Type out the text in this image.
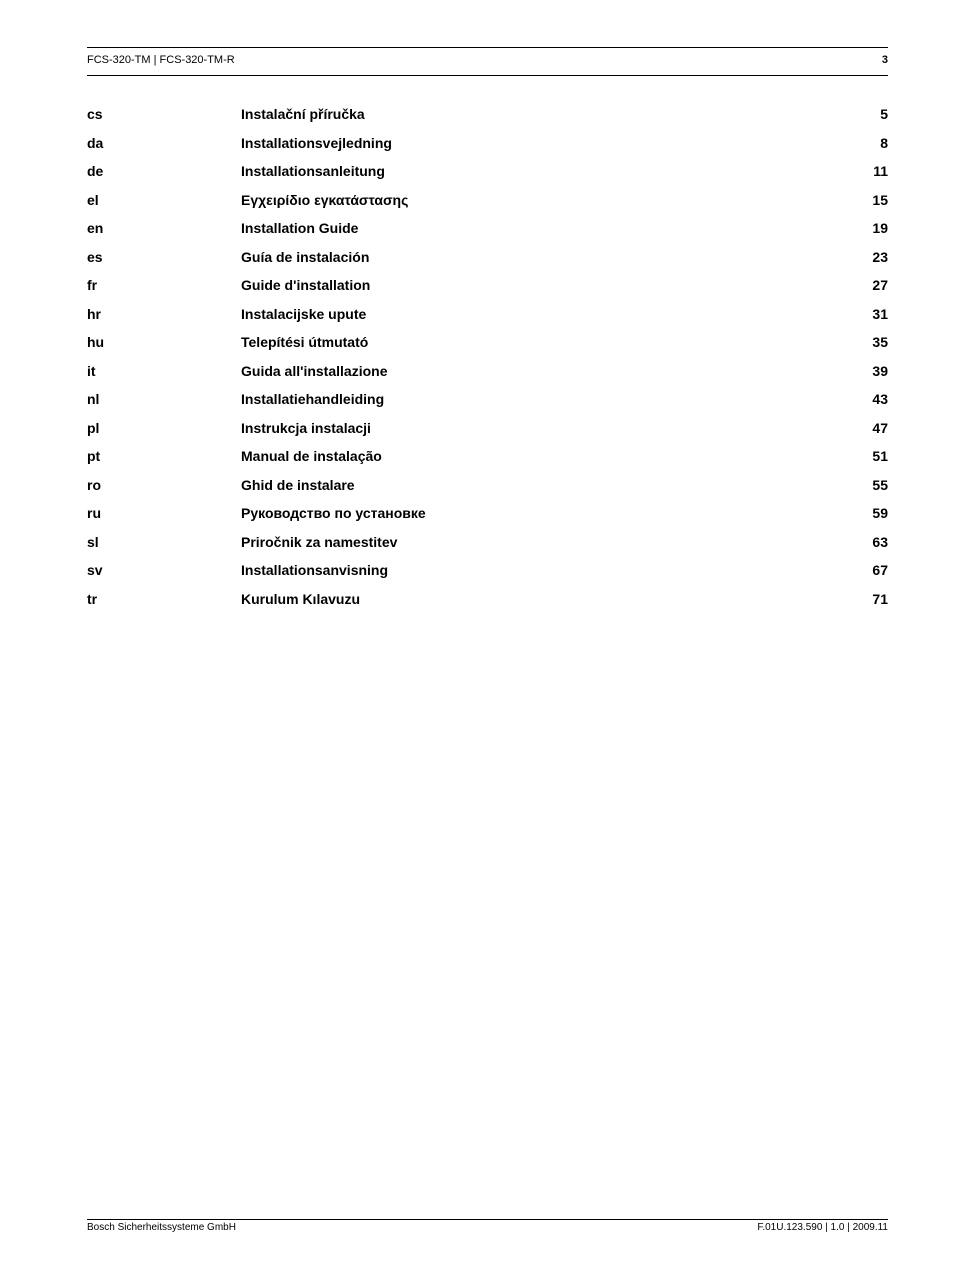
FCS-320-TM | FCS-320-TM-R	3
cs	Instalační příručka	5
da	Installationsvejledning	8
de	Installationsanleitung	11
el	Εγχειρίδιο εγκατάστασης	15
en	Installation Guide	19
es	Guía de instalación	23
fr	Guide d'installation	27
hr	Instalacijske upute	31
hu	Telepítési útmutató	35
it	Guida all'installazione	39
nl	Installatiehandleiding	43
pl	Instrukcja instalacji	47
pt	Manual de instalação	51
ro	Ghid de instalare	55
ru	Руководство по установке	59
sl	Priročnik za namestitev	63
sv	Installationsanvisning	67
tr	Kurulum Kılavuzu	71
Bosch Sicherheitssysteme GmbH	F.01U.123.590 | 1.0 | 2009.11
